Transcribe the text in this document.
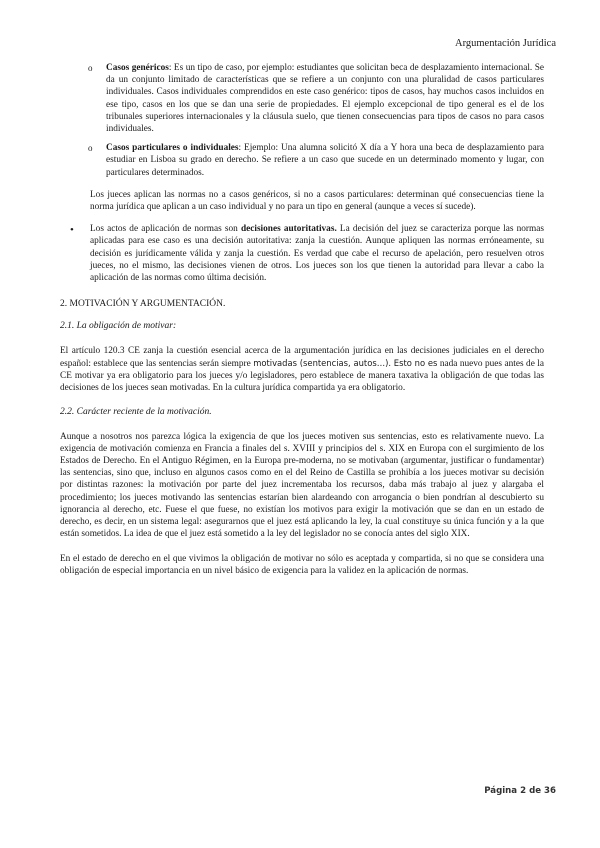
Argumentación Jurídica
o Casos genéricos: Es un tipo de caso, por ejemplo: estudiantes que solicitan beca de desplazamiento internacional. Se da un conjunto limitado de características que se refiere a un conjunto con una pluralidad de casos particulares individuales. Casos individuales comprendidos en este caso genérico: tipos de casos, hay muchos casos incluidos en ese tipo, casos en los que se dan una serie de propiedades. El ejemplo excepcional de tipo general es el de los tribunales superiores internacionales y la cláusula suelo, que tienen consecuencias para tipos de casos no para casos individuales.
o Casos particulares o individuales: Ejemplo: Una alumna solicitó X día a Y hora una beca de desplazamiento para estudiar en Lisboa su grado en derecho. Se refiere a un caso que sucede en un determinado momento y lugar, con particulares determinados.

Los jueces aplican las normas no a casos genéricos, si no a casos particulares: determinan qué consecuencias tiene la norma jurídica que aplican a un caso individual y no para un tipo en general (aunque a veces sí sucede).

• Los actos de aplicación de normas son decisiones autoritativas. La decisión del juez se caracteriza porque las normas aplicadas para ese caso es una decisión autoritativa: zanja la cuestión. Aunque apliquen las normas erróneamente, su decisión es jurídicamente válida y zanja la cuestión. Es verdad que cabe el recurso de apelación, pero resuelven otros jueces, no el mismo, las decisiones vienen de otros. Los jueces son los que tienen la autoridad para llevar a cabo la aplicación de las normas como última decisión.
2. MOTIVACIÓN Y ARGUMENTACIÓN.
2.1. La obligación de motivar:

El artículo 120.3 CE zanja la cuestión esencial acerca de la argumentación jurídica en las decisiones judiciales en el derecho español: establece que las sentencias serán siempre motivadas (sentencias, autos…). Esto no es nada nuevo pues antes de la CE motivar ya era obligatorio para los jueces y/o legisladores, pero establece de manera taxativa la obligación de que todas las decisiones de los jueces sean motivadas. En la cultura jurídica compartida ya era obligatorio.

2.2. Carácter reciente de la motivación.

Aunque a nosotros nos parezca lógica la exigencia de que los jueces motiven sus sentencias, esto es relativamente nuevo. La exigencia de motivación comienza en Francia a finales del s. XVIII y principios del s. XIX en Europa con el surgimiento de los Estados de Derecho. En el Antiguo Régimen, en la Europa pre-moderna, no se motivaban (argumentar, justificar o fundamentar) las sentencias, sino que, incluso en algunos casos como en el del Reino de Castilla se prohibía a los jueces motivar su decisión por distintas razones: la motivación por parte del juez incrementaba los recursos, daba más trabajo al juez y alargaba el procedimiento; los jueces motivando las sentencias estarían bien alardeando con arrogancia o bien pondrían al descubierto su ignorancia al derecho, etc. Fuese el que fuese, no existían los motivos para exigir la motivación que se dan en un estado de derecho, es decir, en un sistema legal: asegurarnos que el juez está aplicando la ley, la cual constituye su única función y a la que están sometidos. La idea de que el juez está sometido a la ley del legislador no se conocía antes del siglo XIX.

En el estado de derecho en el que vivimos la obligación de motivar no sólo es aceptada y compartida, si no que se considera una obligación de especial importancia en un nivel básico de exigencia para la validez en la aplicación de normas.

Página 2 de 36
